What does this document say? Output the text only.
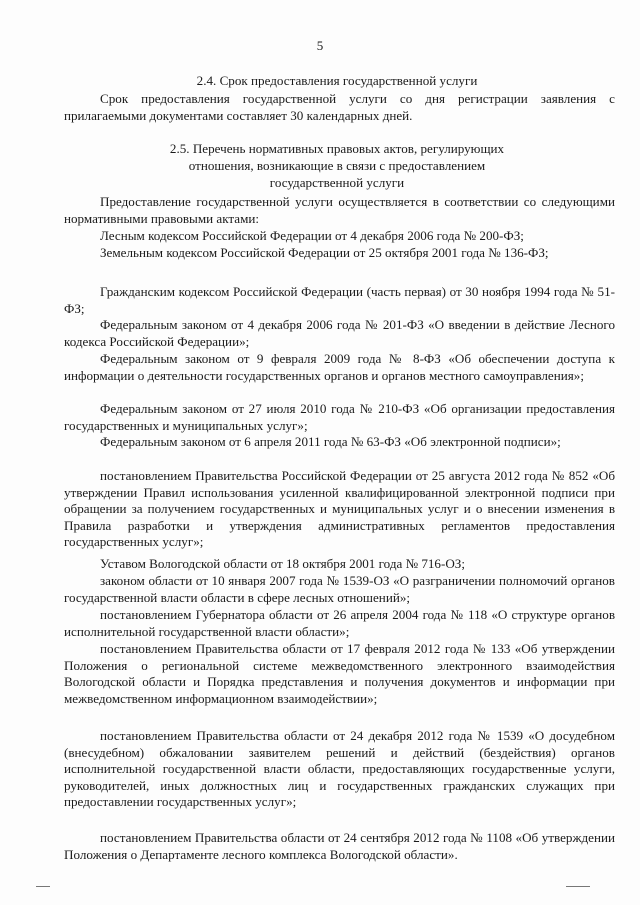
5
2.4. Срок предоставления государственной услуги

Срок предоставления государственной услуги со дня регистрации заявления с прилагаемыми документами составляет 30 календарных дней.

2.5. Перечень нормативных правовых актов, регулирующих
отношения, возникающие в связи с предоставлением
государственной услуги

Предоставление государственной услуги осуществляется в соответствии со следующими нормативными правовыми актами:

Лесным кодексом Российской Федерации от 4 декабря 2006 года № 200-ФЗ;

Земельным кодексом Российской Федерации от 25 октября 2001 года № 136-ФЗ;

Гражданским кодексом Российской Федерации (часть первая) от 30 ноября 1994 года № 51-ФЗ;

Федеральным законом от 4 декабря 2006 года № 201-ФЗ «О введении в действие Лесного кодекса Российской Федерации»;

Федеральным законом от 9 февраля 2009 года № 8-ФЗ «Об обеспечении доступа к информации о деятельности государственных органов и органов местного самоуправления»;

Федеральным законом от 27 июля 2010 года № 210-ФЗ «Об организации предоставления государственных и муниципальных услуг»;

Федеральным законом от 6 апреля 2011 года № 63-ФЗ «Об электронной подписи»;

постановлением Правительства Российской Федерации от 25 августа 2012 года № 852 «Об утверждении Правил использования усиленной квалифицированной электронной подписи при обращении за получением государственных и муниципальных услуг и о внесении изменения в Правила разработки и утверждения административных регламентов предоставления государственных услуг»;

Уставом Вологодской области от 18 октября 2001 года № 716-ОЗ;

законом области от 10 января 2007 года № 1539-ОЗ «О разграничении полномочий органов государственной власти области в сфере лесных отношений»;

постановлением Губернатора области от 26 апреля 2004 года № 118 «О структуре органов исполнительной государственной власти области»;

постановлением Правительства области от 17 февраля 2012 года № 133 «Об утверждении Положения о региональной системе межведомственного электронного взаимодействия Вологодской области и Порядка представления и получения документов и информации при межведомственном информационном взаимодействии»;

постановлением Правительства области от 24 декабря 2012 года № 1539 «О досудебном (внесудебном) обжаловании заявителем решений и действий (бездействия) органов исполнительной государственной власти области, предоставляющих государственные услуги, руководителей, иных должностных лиц и государственных гражданских служащих при предоставлении государственных услуг»;

постановлением Правительства области от 24 сентября 2012 года № 1108 «Об утверждении Положения о Департаменте лесного комплекса Вологодской области».
